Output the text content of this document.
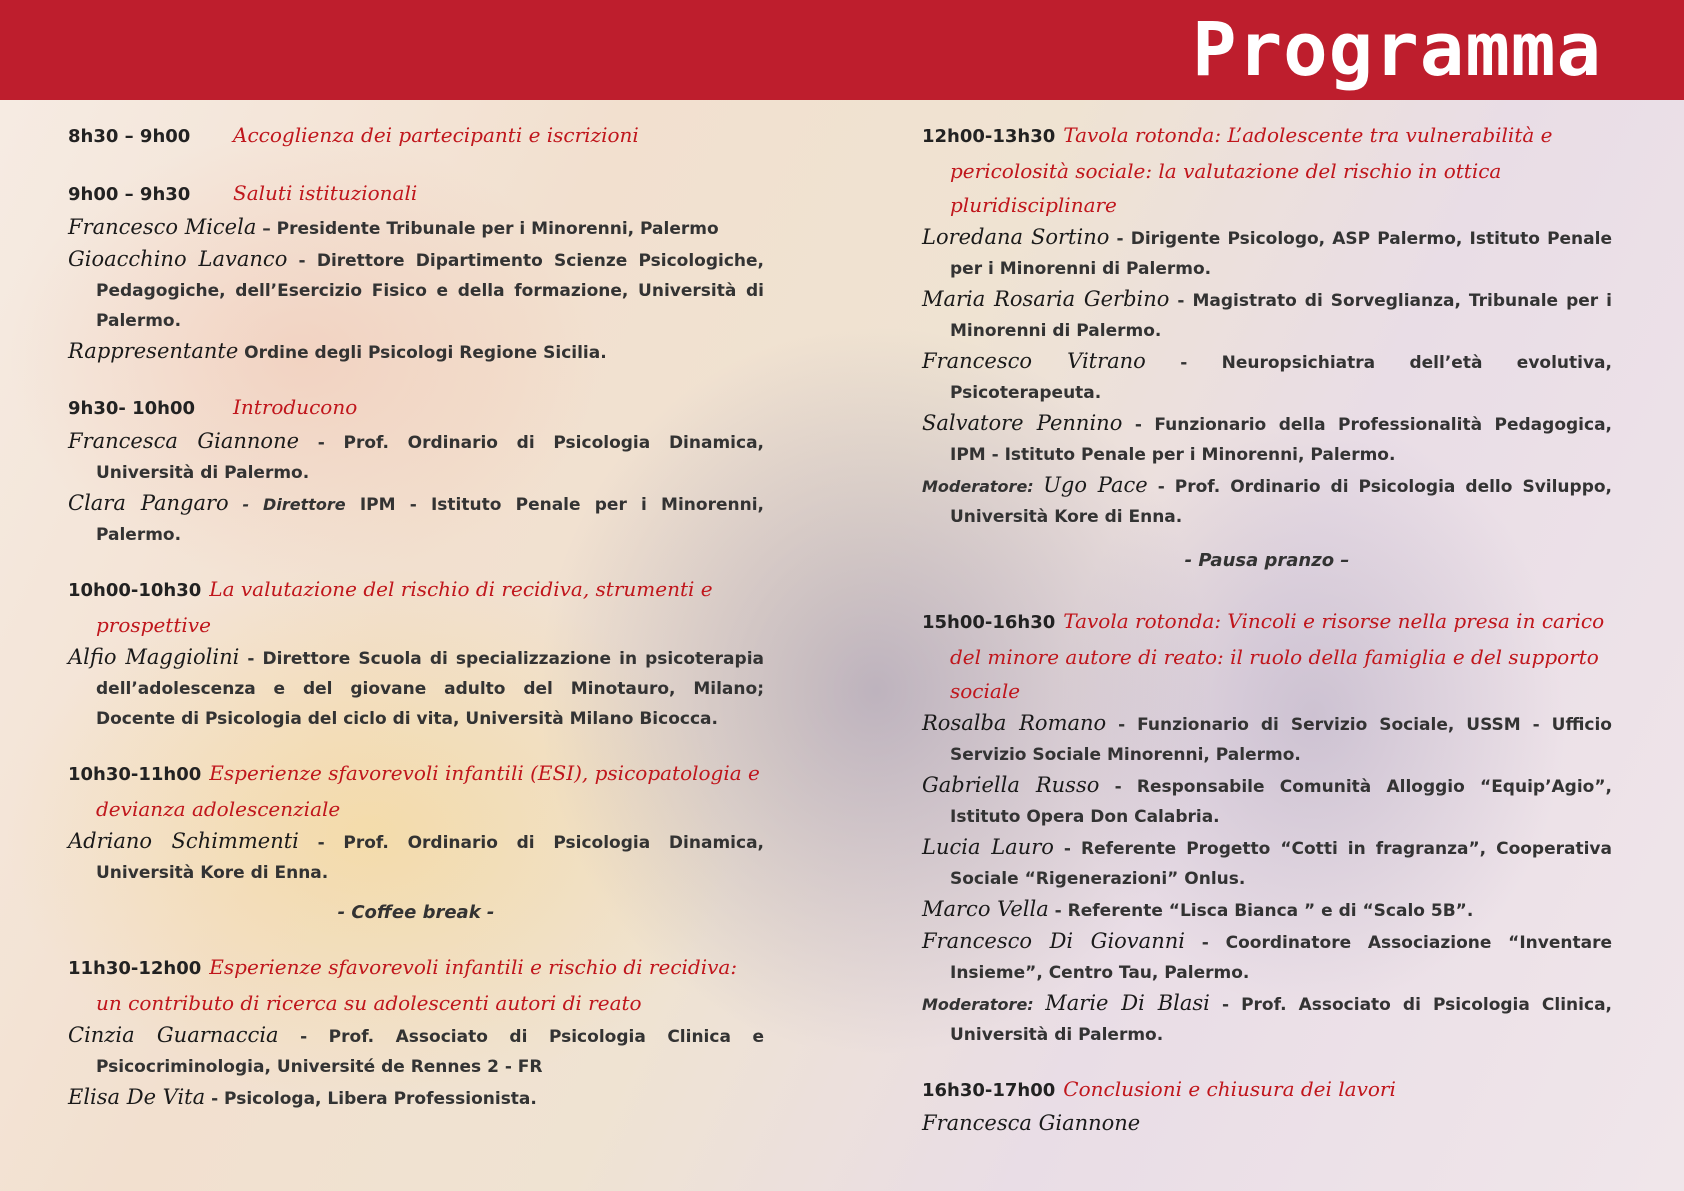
Programma
8h30 – 9h00 Accoglienza dei partecipanti e iscrizioni
9h00 – 9h30 Saluti istituzionali
Francesco Micela – Presidente Tribunale per i Minorenni, Palermo
Gioacchino Lavanco - Direttore Dipartimento Scienze Psicologiche, Pedagogiche, dell’Esercizio Fisico e della formazione, Università di Palermo.
Rappresentante Ordine degli Psicologi Regione Sicilia.
9h30- 10h00 Introducono
Francesca Giannone - Prof. Ordinario di Psicologia Dinamica, Università di Palermo.
Clara Pangaro - Direttore IPM - Istituto Penale per i Minorenni, Palermo.
10h00-10h30 La valutazione del rischio di recidiva, strumenti e prospettive
Alfio Maggiolini - Direttore Scuola di specializzazione in psicoterapia dell’adolescenza e del giovane adulto del Minotauro, Milano; Docente di Psicologia del ciclo di vita, Università Milano Bicocca.
10h30-11h00 Esperienze sfavorevoli infantili (ESI), psicopatologia e devianza adolescenziale
Adriano Schimmenti - Prof. Ordinario di Psicologia Dinamica, Università Kore di Enna.
- Coffee break -
11h30-12h00 Esperienze sfavorevoli infantili e rischio di recidiva: un contributo di ricerca su adolescenti autori di reato
Cinzia Guarnaccia - Prof. Associato di Psicologia Clinica e Psicocriminologia, Université de Rennes 2 - FR
Elisa De Vita - Psicologa, Libera Professionista.
12h00-13h30 Tavola rotonda: L’adolescente tra vulnerabilità e pericolosità sociale: la valutazione del rischio in ottica pluridisciplinare
Loredana Sortino - Dirigente Psicologo, ASP Palermo, Istituto Penale per i Minorenni di Palermo.
Maria Rosaria Gerbino - Magistrato di Sorveglianza, Tribunale per i Minorenni di Palermo.
Francesco Vitrano - Neuropsichiatra dell’età evolutiva, Psicoterapeuta.
Salvatore Pennino - Funzionario della Professionalità Pedagogica, IPM - Istituto Penale per i Minorenni, Palermo.
Moderatore: Ugo Pace - Prof. Ordinario di Psicologia dello Sviluppo, Università Kore di Enna.
- Pausa pranzo –
15h00-16h30 Tavola rotonda: Vincoli e risorse nella presa in carico del minore autore di reato: il ruolo della famiglia e del supporto sociale
Rosalba Romano - Funzionario di Servizio Sociale, USSM - Ufficio Servizio Sociale Minorenni, Palermo.
Gabriella Russo - Responsabile Comunità Alloggio “Equip’Agio”, Istituto Opera Don Calabria.
Lucia Lauro - Referente Progetto “Cotti in fragranza”, Cooperativa Sociale “Rigenerazioni” Onlus.
Marco Vella - Referente “Lisca Bianca ” e di “Scalo 5B”.
Francesco Di Giovanni - Coordinatore Associazione “Inventare Insieme”, Centro Tau, Palermo.
Moderatore: Marie Di Blasi - Prof. Associato di Psicologia Clinica, Università di Palermo.
16h30-17h00 Conclusioni e chiusura dei lavori
Francesca Giannone
